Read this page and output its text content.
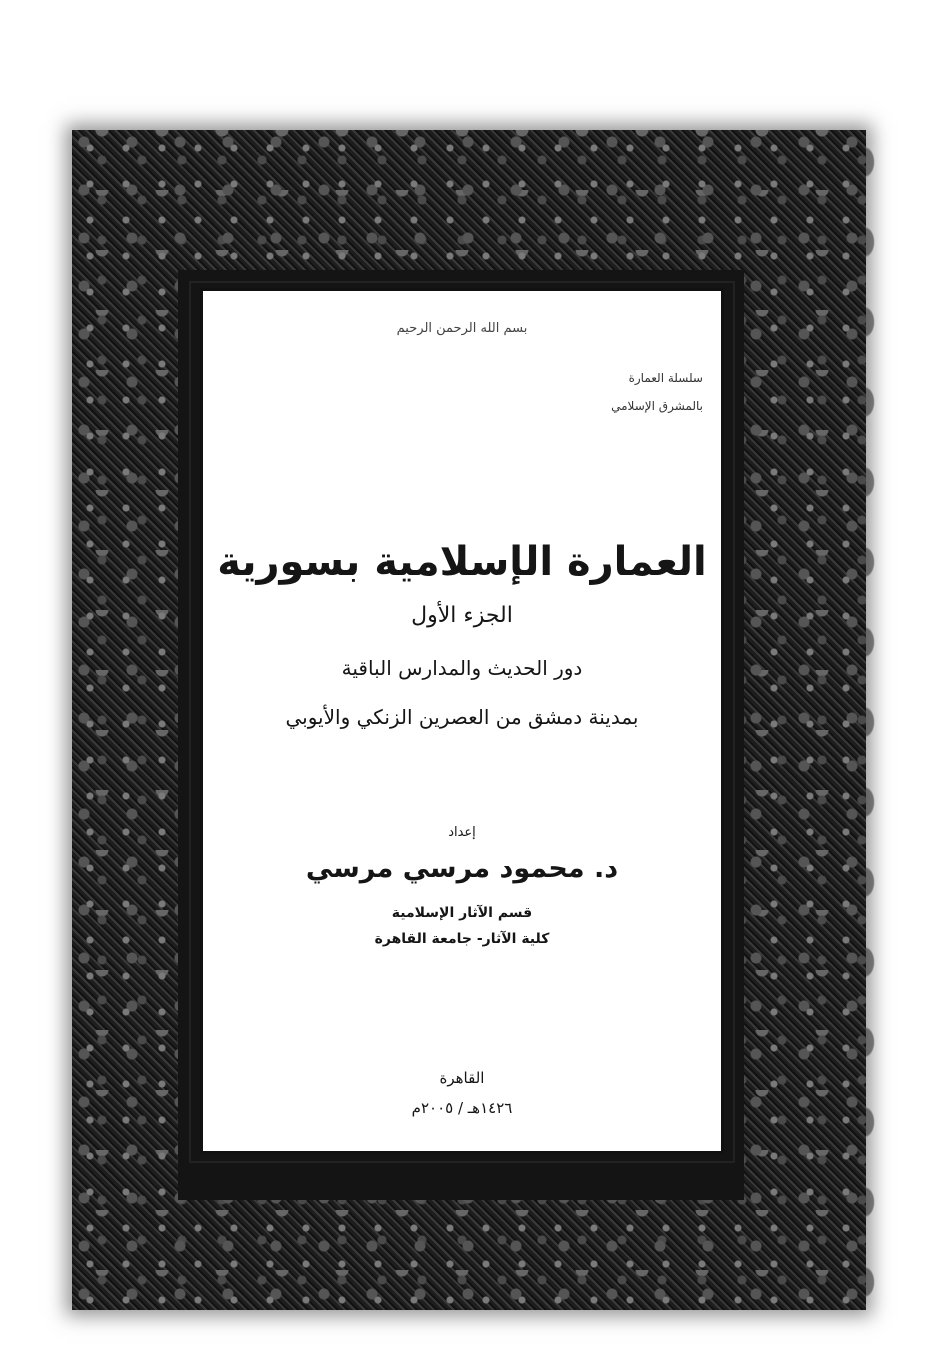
بسم الله الرحمن الرحيم
سلسلة العمارة
بالمشرق الإسلامي
العمارة الإسلامية بسورية
الجزء الأول
دور الحديث والمدارس الباقية
بمدينة دمشق من العصرين الزنكي والأيوبي
إعداد
د. محمود مرسي مرسي
قسم الآثار الإسلامية
كلية الآثار- جامعة القاهرة
القاهرة
١٤٢٦هـ / ٢٠٠٥م
